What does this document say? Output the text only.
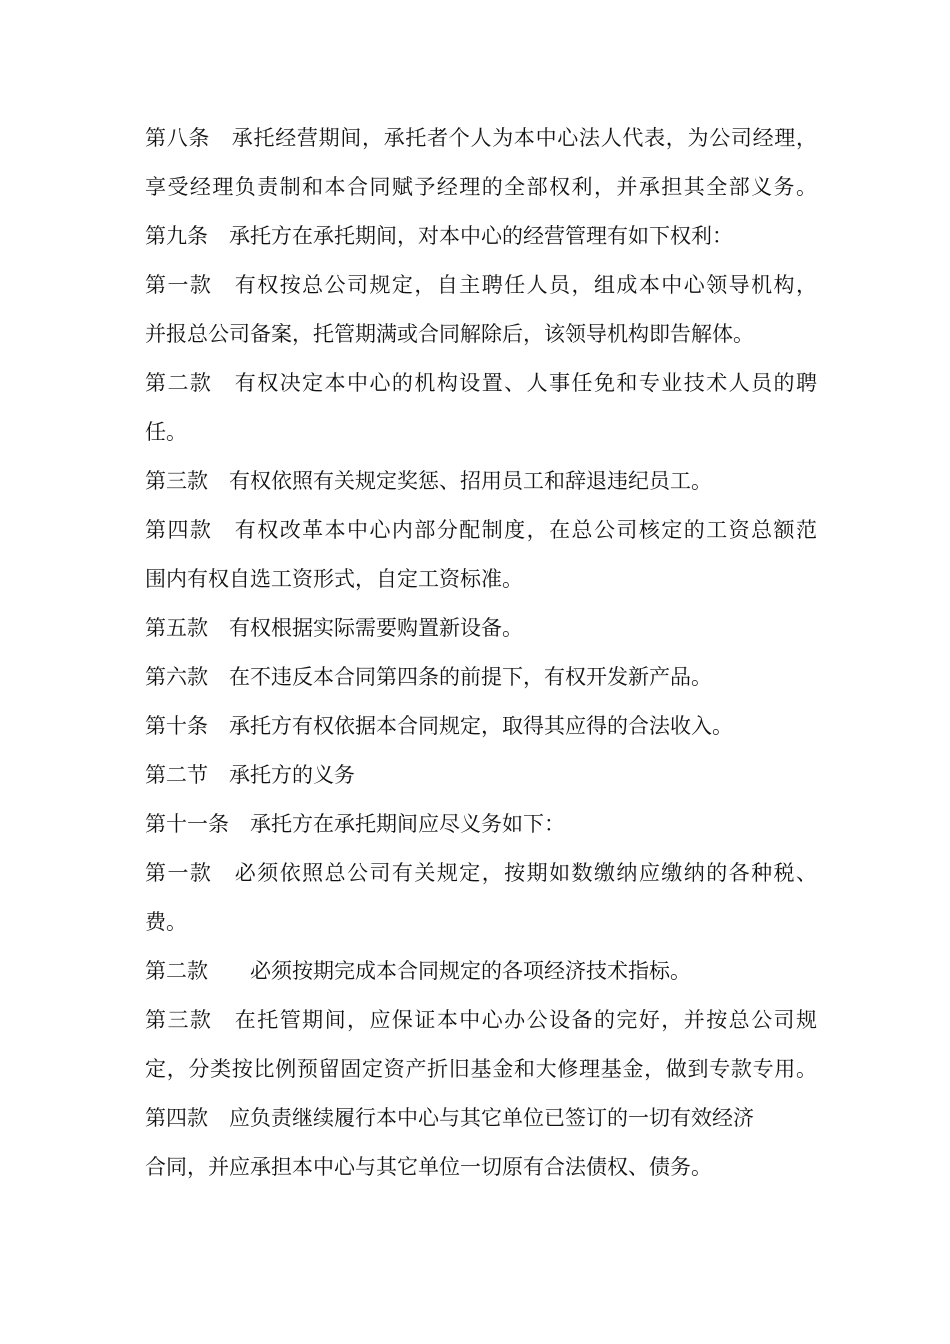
第八条　承托经营期间，承托者个人为本中心法人代表，为公司经理，
享受经理负责制和本合同赋予经理的全部权利，并承担其全部义务。
第九条　承托方在承托期间，对本中心的经营管理有如下权利：
第一款　有权按总公司规定，自主聘任人员，组成本中心领导机构，
并报总公司备案，托管期满或合同解除后，该领导机构即告解体。
第二款　有权决定本中心的机构设置、人事任免和专业技术人员的聘
任。
第三款　有权依照有关规定奖惩、招用员工和辞退违纪员工。
第四款　有权改革本中心内部分配制度，在总公司核定的工资总额范
围内有权自选工资形式，自定工资标准。
第五款　有权根据实际需要购置新设备。
第六款　在不违反本合同第四条的前提下，有权开发新产品。
第十条　承托方有权依据本合同规定，取得其应得的合法收入。
第二节　承托方的义务
第十一条　承托方在承托期间应尽义务如下：
第一款　必须依照总公司有关规定，按期如数缴纳应缴纳的各种税、
费。
第二款　　必须按期完成本合同规定的各项经济技术指标。
第三款　在托管期间，应保证本中心办公设备的完好，并按总公司规
定，分类按比例预留固定资产折旧基金和大修理基金，做到专款专用。
第四款　应负责继续履行本中心与其它单位已签订的一切有效经济
合同，并应承担本中心与其它单位一切原有合法债权、债务。
